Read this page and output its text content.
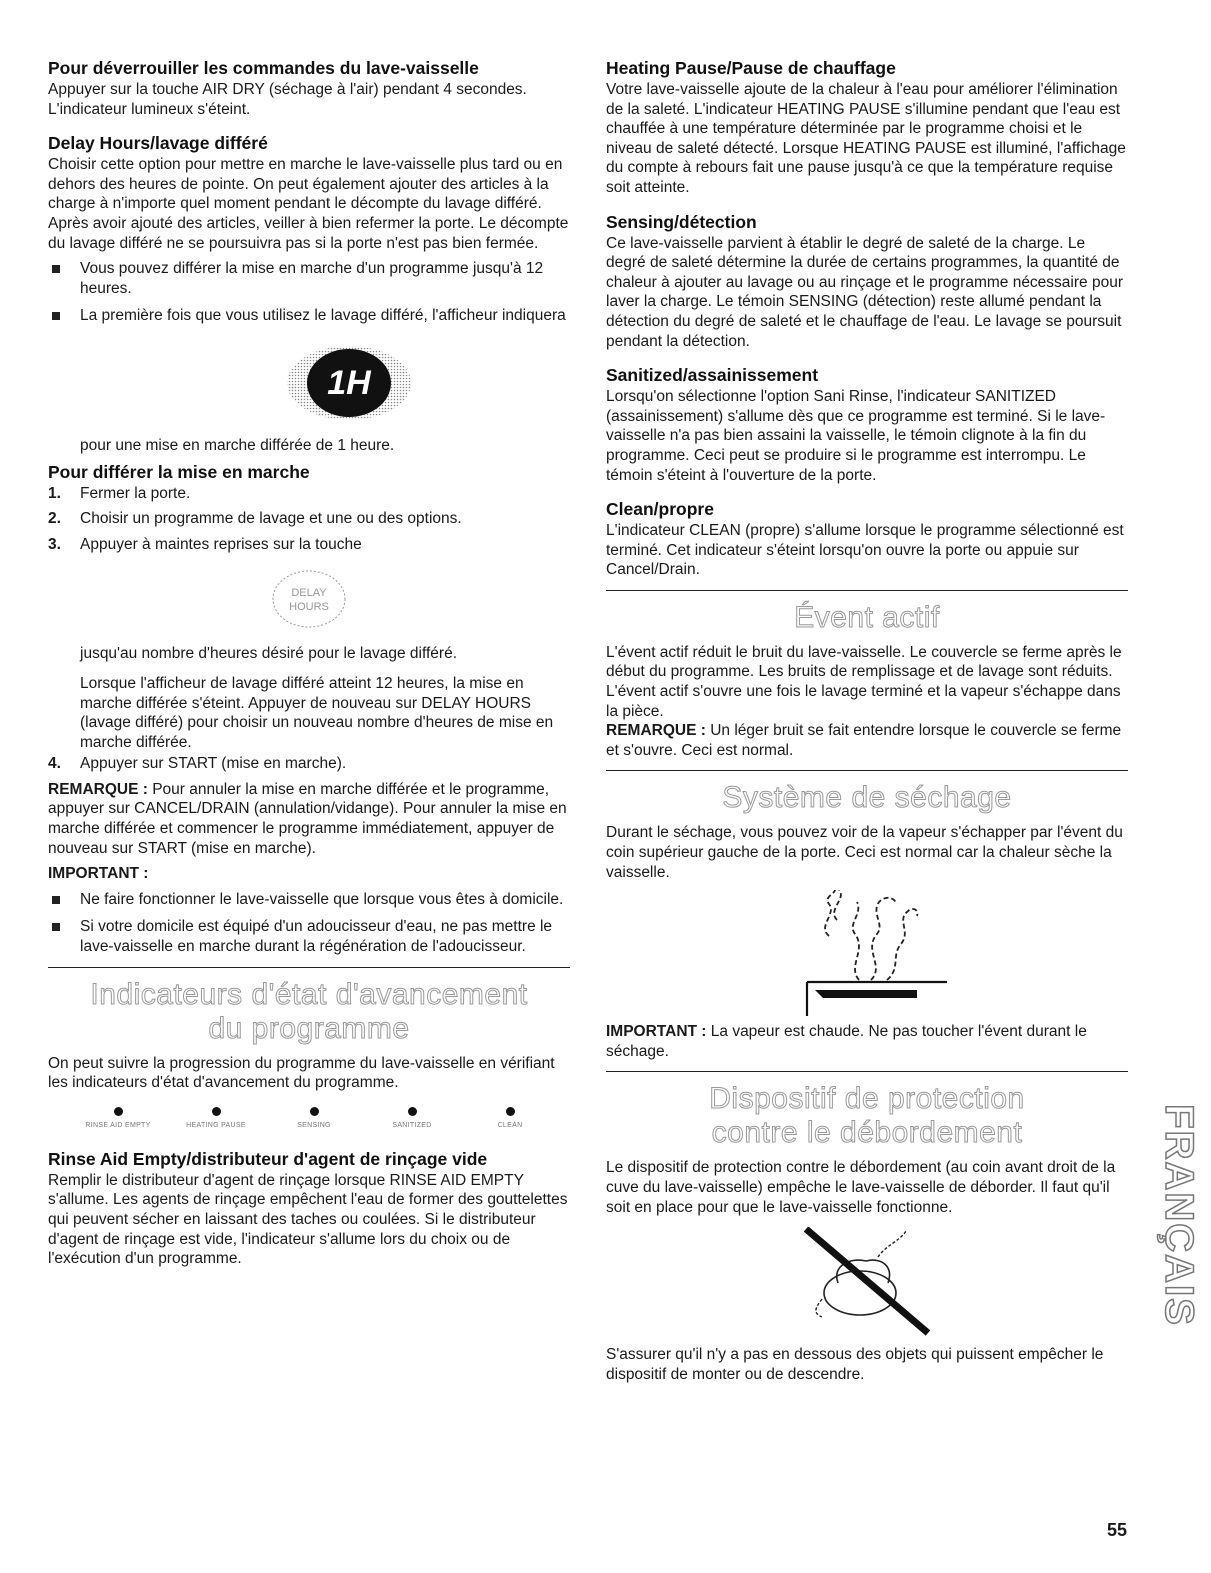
Pour déverrouiller les commandes du lave-vaisselle

Appuyer sur la touche AIR DRY (séchage à l'air) pendant 4 secondes. L'indicateur lumineux s'éteint.

Delay Hours/lavage différé

Choisir cette option pour mettre en marche le lave-vaisselle plus tard ou en dehors des heures de pointe. On peut également ajouter des articles à la charge à n'importe quel moment pendant le décompte du lavage différé. Après avoir ajouté des articles, veiller à bien refermer la porte. Le décompte du lavage différé ne se poursuivra pas si la porte n'est pas bien fermée.

Vous pouvez différer la mise en marche d'un programme jusqu'à 12 heures.
La première fois que vous utilisez le lavage différé, l'afficheur indiquera
1H

pour une mise en marche différée de 1 heure.

Pour différer la mise en marche
1.	Fermer la porte.
2.	Choisir un programme de lavage et une ou des options.
3.	Appuyer à maintes reprises sur la touche
DELAY
HOURS

jusqu'au nombre d'heures désiré pour le lavage différé.

Lorsque l'afficheur de lavage différé atteint 12 heures, la mise en marche différée s'éteint. Appuyer de nouveau sur DELAY HOURS (lavage différé) pour choisir un nouveau nombre d'heures de mise en marche différée.

4.	Appuyer sur START (mise en marche).

REMARQUE : Pour annuler la mise en marche différée et le programme, appuyer sur CANCEL/DRAIN (annulation/vidange). Pour annuler la mise en marche différée et commencer le programme immédiatement, appuyer de nouveau sur START (mise en marche).

IMPORTANT :

Ne faire fonctionner le lave-vaisselle que lorsque vous êtes à domicile.
Si votre domicile est équipé d'un adoucisseur d'eau, ne pas mettre le lave-vaisselle en marche durant la régénération de l'adoucisseur.
Indicateurs d'état d'avancement
du programme

On peut suivre la progression du programme du lave-vaisselle en vérifiant les indicateurs d'état d'avancement du programme.

RINSE AID EMPTY	HEATING PAUSE	SENSING	SANITIZED	CLEAN
Rinse Aid Empty/distributeur d'agent de rinçage vide

Remplir le distributeur d'agent de rinçage lorsque RINSE AID EMPTY s'allume. Les agents de rinçage empêchent l'eau de former des gouttelettes qui peuvent sécher en laissant des taches ou coulées. Si le distributeur d'agent de rinçage est vide, l'indicateur s'allume lors du choix ou de l'exécution d'un programme.

Heating Pause/Pause de chauffage

Votre lave-vaisselle ajoute de la chaleur à l'eau pour améliorer l'élimination de la saleté. L'indicateur HEATING PAUSE s'illumine pendant que l'eau est chauffée à une température déterminée par le programme choisi et le niveau de saleté détecté. Lorsque HEATING PAUSE est illuminé, l'affichage du compte à rebours fait une pause jusqu'à ce que la température requise soit atteinte.

Sensing/détection

Ce lave-vaisselle parvient à établir le degré de saleté de la charge. Le degré de saleté détermine la durée de certains programmes, la quantité de chaleur à ajouter au lavage ou au rinçage et le programme nécessaire pour laver la charge. Le témoin SENSING (détection) reste allumé pendant la détection du degré de saleté et le chauffage de l'eau. Le lavage se poursuit pendant la détection.

Sanitized/assainissement

Lorsqu'on sélectionne l'option Sani Rinse, l'indicateur SANITIZED (assainissement) s'allume dès que ce programme est terminé. Si le lave-vaisselle n'a pas bien assaini la vaisselle, le témoin clignote à la fin du programme. Ceci peut se produire si le programme est interrompu. Le témoin s'éteint à l'ouverture de la porte.

Clean/propre

L'indicateur CLEAN (propre) s'allume lorsque le programme sélectionné est terminé. Cet indicateur s'éteint lorsqu'on ouvre la porte ou appuie sur Cancel/Drain.

Évent actif

L'évent actif réduit le bruit du lave-vaisselle. Le couvercle se ferme après le début du programme. Les bruits de remplissage et de lavage sont réduits. L'évent actif s'ouvre une fois le lavage terminé et la vapeur s'échappe dans la pièce.

REMARQUE : Un léger bruit se fait entendre lorsque le couvercle se ferme et s'ouvre. Ceci est normal.

Système de séchage

Durant le séchage, vous pouvez voir de la vapeur s'échapper par l'évent du coin supérieur gauche de la porte. Ceci est normal car la chaleur sèche la vaisselle.

IMPORTANT : La vapeur est chaude. Ne pas toucher l'évent durant le séchage.

Dispositif de protection
contre le débordement

Le dispositif de protection contre le débordement (au coin avant droit de la cuve du lave-vaisselle) empêche le lave-vaisselle de déborder. Il faut qu'il soit en place pour que le lave-vaisselle fonctionne.

S'assurer qu'il n'y a pas en dessous des objets qui puissent empêcher le dispositif de monter ou de descendre.

FRANÇAIS
55
